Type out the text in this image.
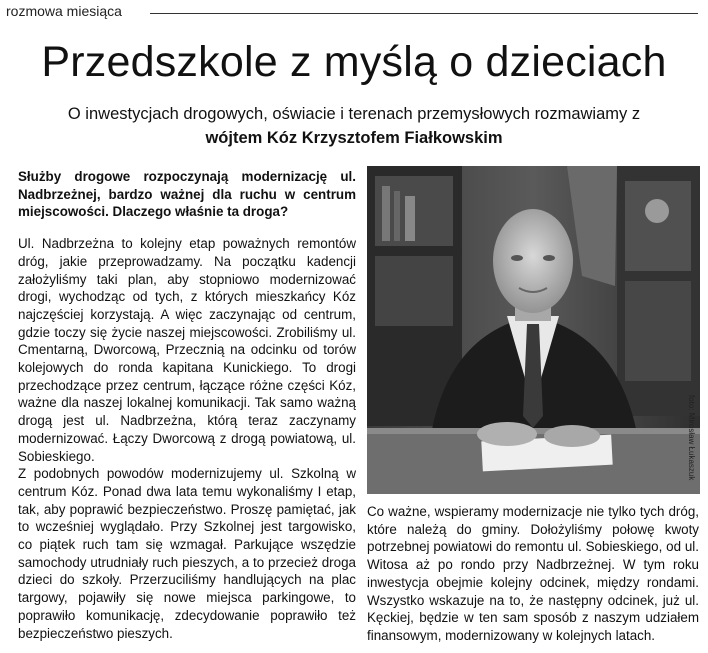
rozmowa miesiąca
Przedszkole z myślą o dzieciach
O inwestycjach drogowych, oświacie i terenach przemysłowych rozmawiamy z
wójtem Kóz Krzysztofem Fiałkowskim
Służby drogowe rozpoczynają modernizację ul. Nadbrzeżnej, bardzo ważnej dla ruchu w centrum miejscowości. Dlaczego właśnie ta droga?

Ul. Nadbrzeżna to kolejny etap poważnych remontów dróg, jakie przeprowadzamy. Na początku kadencji założyliśmy taki plan, aby stopniowo modernizować drogi, wychodząc od tych, z których mieszkańcy Kóz najczęściej korzystają. A więc zaczynając od centrum, gdzie toczy się życie naszej miejscowości. Zrobiliśmy ul. Cmentarną, Dworcową, Przecznią na odcinku od torów kolejowych do ronda kapitana Kunickiego. To drogi przechodzące przez centrum, łączące różne części Kóz, ważne dla naszej lokalnej komunikacji. Tak samo ważną drogą jest ul. Nadbrzeżna, którą teraz zaczynamy modernizować. Łączy Dworcową z drogą powiatową, ul. Sobieskiego.

Z podobnych powodów modernizujemy ul. Szkolną w centrum Kóz. Ponad dwa lata temu wykonaliśmy I etap, tak, aby poprawić bezpieczeństwo. Proszę pamiętać, jak to wcześniej wyglądało. Przy Szkolnej jest targowisko, co piątek ruch tam się wzmagał. Parkujące wszędzie samochody utrudniały ruch pieszych, a to przecież droga dzieci do szkoły. Przerzuciliśmy handlujących na plac targowy, pojawiły się nowe miejsca parkingowe, to poprawiło komunikację, zdecydowanie poprawiło też bezpieczeństwo pieszych.

foto: Mirosław Łukaszuk

Co ważne, wspieramy modernizacje nie tylko tych dróg, które należą do gminy. Dołożyliśmy połowę kwoty potrzebnej powiatowi do remontu ul. Sobieskiego, od ul. Witosa aż po rondo przy Nadbrzeżnej. W tym roku inwestycja obejmie kolejny odcinek, między rondami. Wszystko wskazuje na to, że następny odcinek, już ul. Kęckiej, będzie w ten sam sposób z naszym udziałem finansowym, modernizowany w kolejnych latach.
